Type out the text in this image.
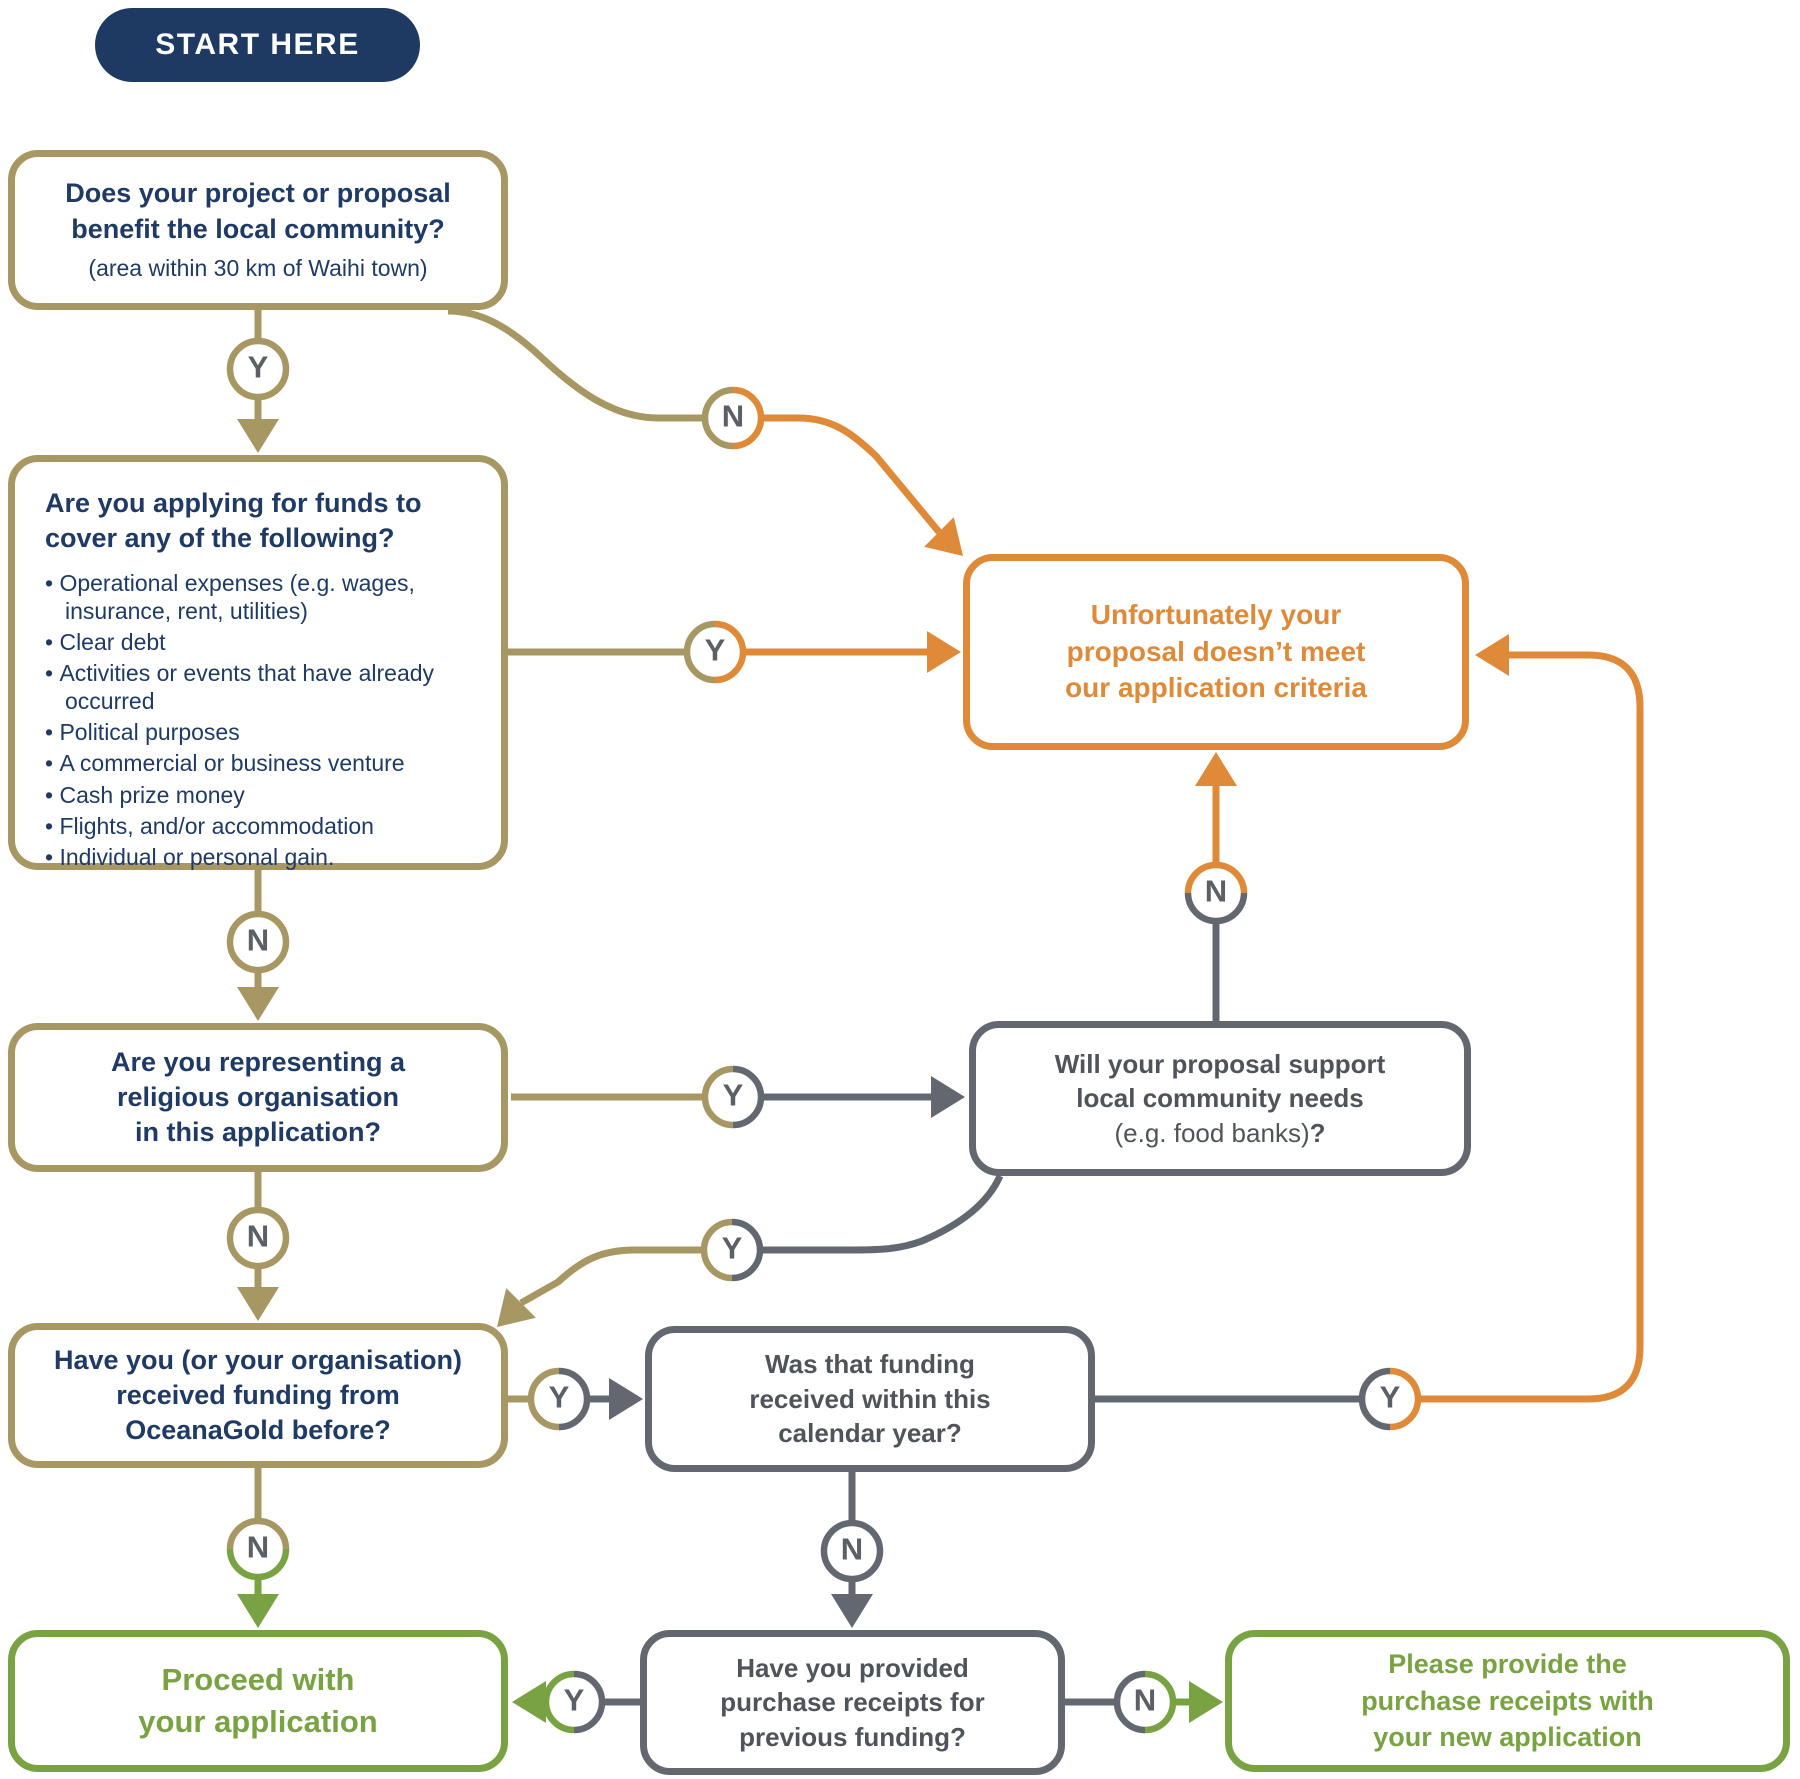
START HERE
Does your project or proposal
benefit the local community?
(area within 30 km of Waihi town)
Are you applying for funds to
cover any of the following?
• Operational expenses (e.g. wages, insurance, rent, utilities)
• Clear debt
• Activities or events that have already occurred
• Political purposes
• A commercial or business venture
• Cash prize money
• Flights, and/or accommodation
• Individual or personal gain.
Are you representing a
religious organisation
in this application?
Have you (or your organisation)
received funding from
OceanaGold before?
Unfortunately your
proposal doesn’t meet
our application criteria
Will your proposal support
local community needs
(e.g. food banks)?
Was that funding
received within this
calendar year?
Have you provided
purchase receipts for
previous funding?
Proceed with
your application
Please provide the
purchase receipts with
your new application
Y
N
Y
N
Y
N
Y
N
Y	Y
N
N
Y	N
